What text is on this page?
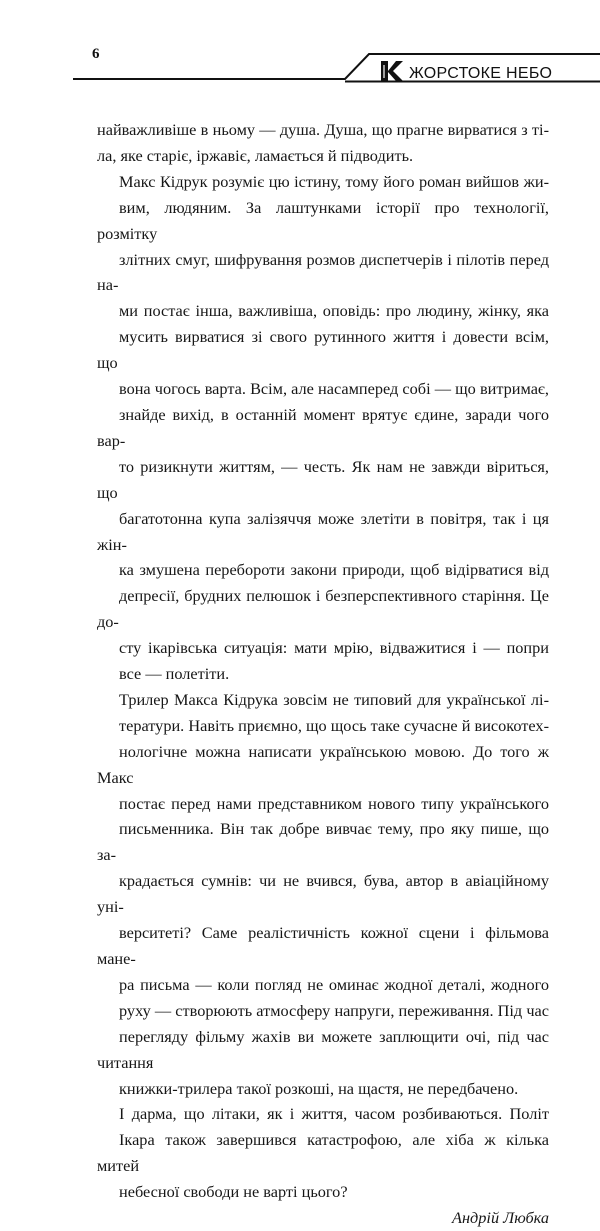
6
ЖОРСТОКЕ НЕБО

найважливіше в ньому — душа. Душа, що прагне вирватися з ті-
ла, яке старіє, іржавіє, ламається й підводить.

Макс Кідрук розуміє цю істину, тому його роман вийшов жи-
вим, людяним. За лаштунками історії про технології, розмітку
злітних смуг, шифрування розмов диспетчерів і пілотів перед на-
ми постає інша, важливіша, оповідь: про людину, жінку, яка
мусить вирватися зі свого рутинного життя і довести всім, що
вона чогось варта. Всім, але насамперед собі — що витримає,
знайде вихід, в останній момент врятує єдине, заради чого вар-
то ризикнути життям, — честь. Як нам не завжди віриться, що
багатотонна купа залізяччя може злетіти в повітря, так і ця жін-
ка змушена перебороти закони природи, щоб відірватися від
депресії, брудних пелюшок і безперспективного старіння. Це до-
сту ікарівська ситуація: мати мрію, відважитися і — попри
все — полетіти.

Трилер Макса Кідрука зовсім не типовий для української лі-
тератури. Навіть приємно, що щось таке сучасне й високотех-
нологічне можна написати українською мовою. До того ж Макс
постає перед нами представником нового типу українського
письменника. Він так добре вивчає тему, про яку пише, що за-
крадається сумнів: чи не вчився, бува, автор в авіаційному уні-
верситеті? Саме реалістичність кожної сцени і фільмова мане-
ра письма — коли погляд не оминає жодної деталі, жодного
руху — створюють атмосферу напруги, переживання. Під час
перегляду фільму жахів ви можете заплющити очі, під час читання
книжки-трилера такої розкоші, на щастя, не передбачено.

І дарма, що літаки, як і життя, часом розбиваються. Політ
Ікара також завершився катастрофою, але хіба ж кілька митей
небесної свободи не варті цього?

Андрій Любка
